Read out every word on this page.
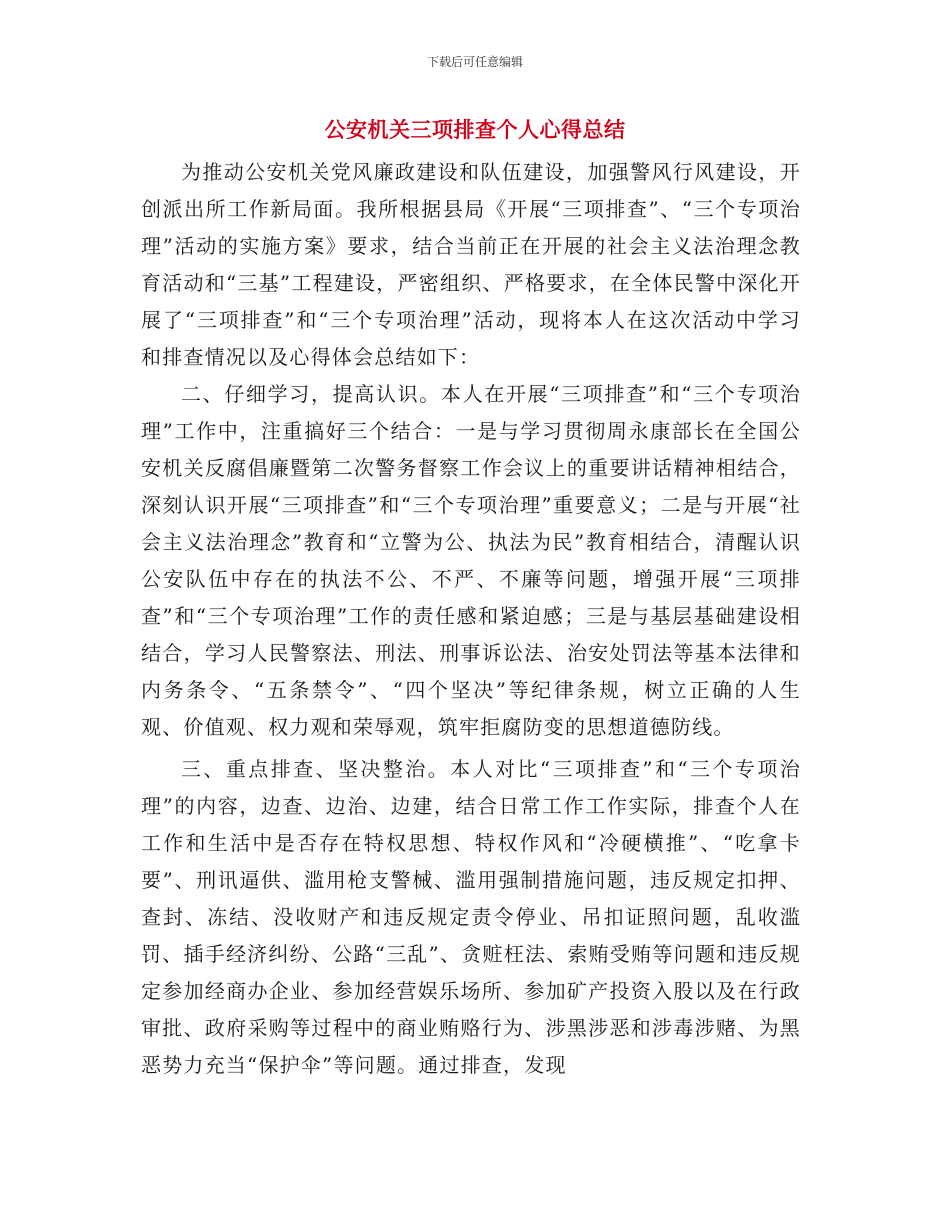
下载后可任意编辑
公安机关三项排查个人心得总结

为推动公安机关党风廉政建设和队伍建设，加强警风行风建设，开创派出所工作新局面。我所根据县局《开展“三项排查”、“三个专项治理”活动的实施方案》要求，结合当前正在开展的社会主义法治理念教育活动和“三基”工程建设，严密组织、严格要求，在全体民警中深化开展了“三项排查”和“三个专项治理”活动，现将本人在这次活动中学习和排查情况以及心得体会总结如下：

二、仔细学习，提高认识。本人在开展“三项排查”和“三个专项治理”工作中，注重搞好三个结合：一是与学习贯彻周永康部长在全国公安机关反腐倡廉暨第二次警务督察工作会议上的重要讲话精神相结合，深刻认识开展“三项排查”和“三个专项治理”重要意义；二是与开展“社会主义法治理念”教育和“立警为公、执法为民”教育相结合，清醒认识公安队伍中存在的执法不公、不严、不廉等问题，增强开展“三项排查”和“三个专项治理”工作的责任感和紧迫感；三是与基层基础建设相结合，学习人民警察法、刑法、刑事诉讼法、治安处罚法等基本法律和内务条令、“五条禁令”、“四个坚决”等纪律条规，树立正确的人生观、价值观、权力观和荣辱观，筑牢拒腐防变的思想道德防线。

三、重点排查、坚决整治。本人对比“三项排查”和“三个专项治理”的内容，边查、边治、边建，结合日常工作工作实际，排查个人在工作和生活中是否存在特权思想、特权作风和“冷硬横推”、“吃拿卡要”、刑讯逼供、滥用枪支警械、滥用强制措施问题，违反规定扣押、查封、冻结、没收财产和违反规定责令停业、吊扣证照问题，乱收滥罚、插手经济纠纷、公路“三乱”、贪赃枉法、索贿受贿等问题和违反规定参加经商办企业、参加经营娱乐场所、参加矿产投资入股以及在行政审批、政府采购等过程中的商业贿赂行为、涉黑涉恶和涉毒涉赌、为黑恶势力充当“保护伞”等问题。通过排查，发现
